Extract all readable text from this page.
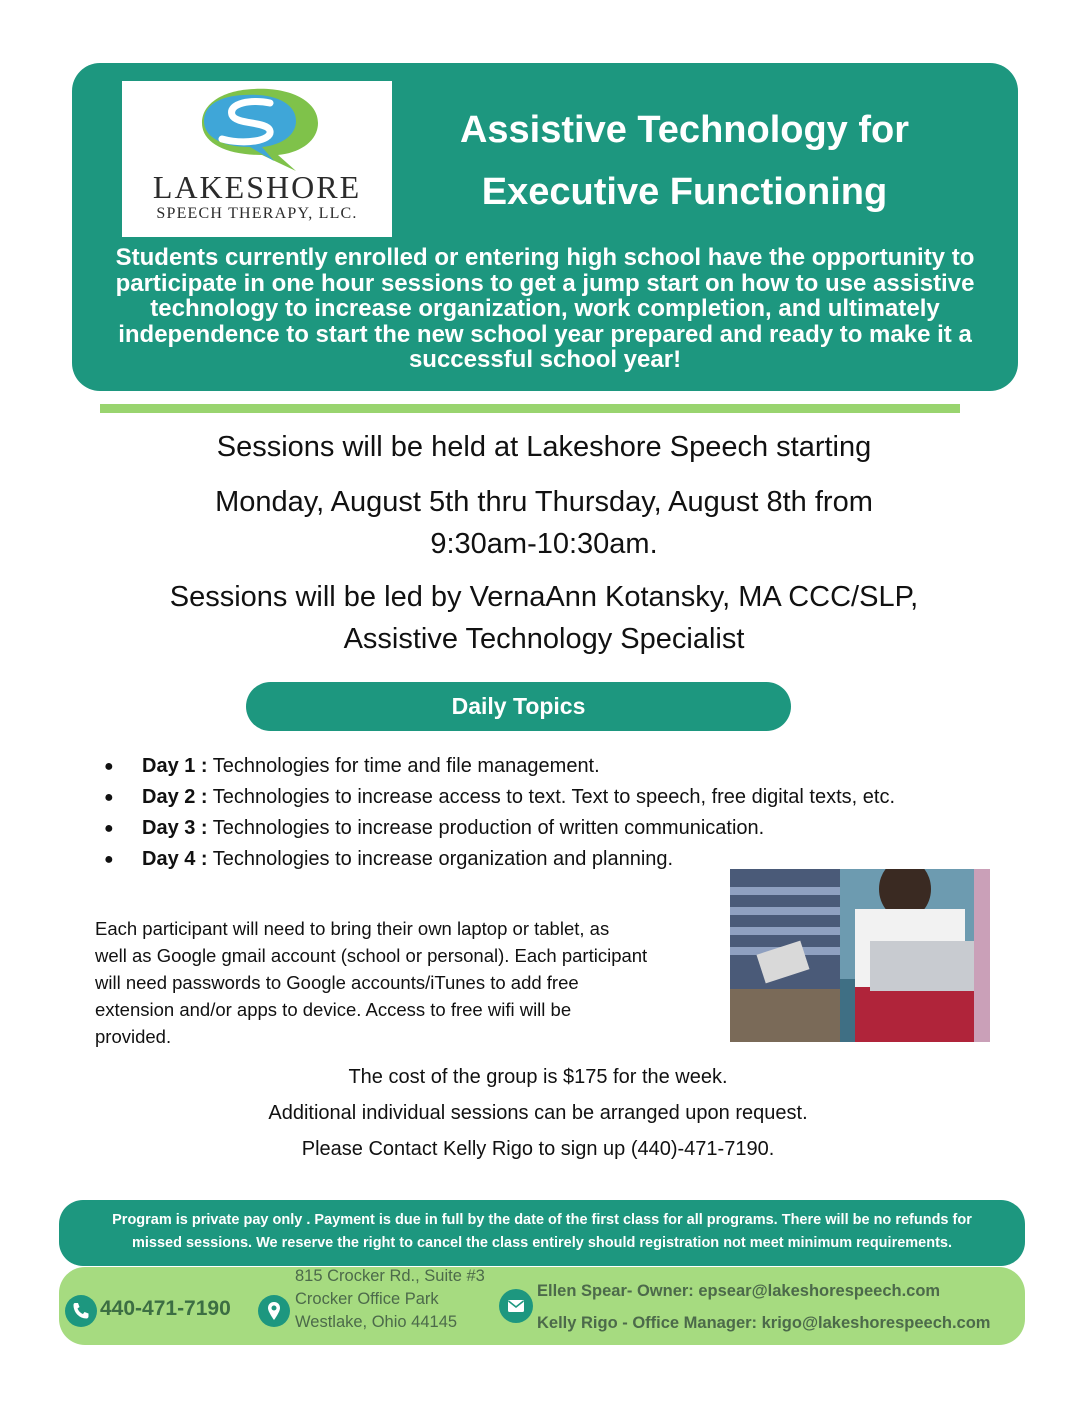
LAKESHORE
SPEECH THERAPY, LLC.
Assistive Technology for
Executive Functioning
Students currently enrolled or entering high school have the opportunity to
participate in one hour sessions to get a jump start on how to use assistive
technology to increase organization, work completion, and ultimately
independence to start the new school year prepared and ready to make it a
successful school year!
Sessions will be held at Lakeshore Speech starting
Monday, August 5th thru Thursday, August 8th from
9:30am-10:30am.
Sessions will be led by VernaAnn Kotansky, MA CCC/SLP,
Assistive Technology Specialist
Daily Topics
● Day 1 : Technologies for time and file management.
● Day 2 : Technologies to increase access to text. Text to speech, free digital texts, etc.
● Day 3 : Technologies to increase production of written communication.
● Day 4 : Technologies to increase organization and planning.
Each participant will need to bring their own laptop or tablet, as
well as Google gmail account (school or personal). Each participant
will need passwords to Google accounts/iTunes to add free
extension and/or apps to device. Access to free wifi will be
provided.
The cost of the group is $175 for the week.
Additional individual sessions can be arranged upon request.
Please Contact Kelly Rigo to sign up (440)-471-7190.
Program is private pay only . Payment is due in full by the date of the first class for all programs. There will be no refunds for
missed sessions. We reserve the right to cancel the class entirely should registration not meet minimum requirements.
440-471-7190
815 Crocker Rd., Suite #3
Crocker Office Park
Westlake, Ohio 44145
Ellen Spear- Owner: epsear@lakeshorespeech.com
Kelly Rigo - Office Manager: krigo@lakeshorespeech.com
